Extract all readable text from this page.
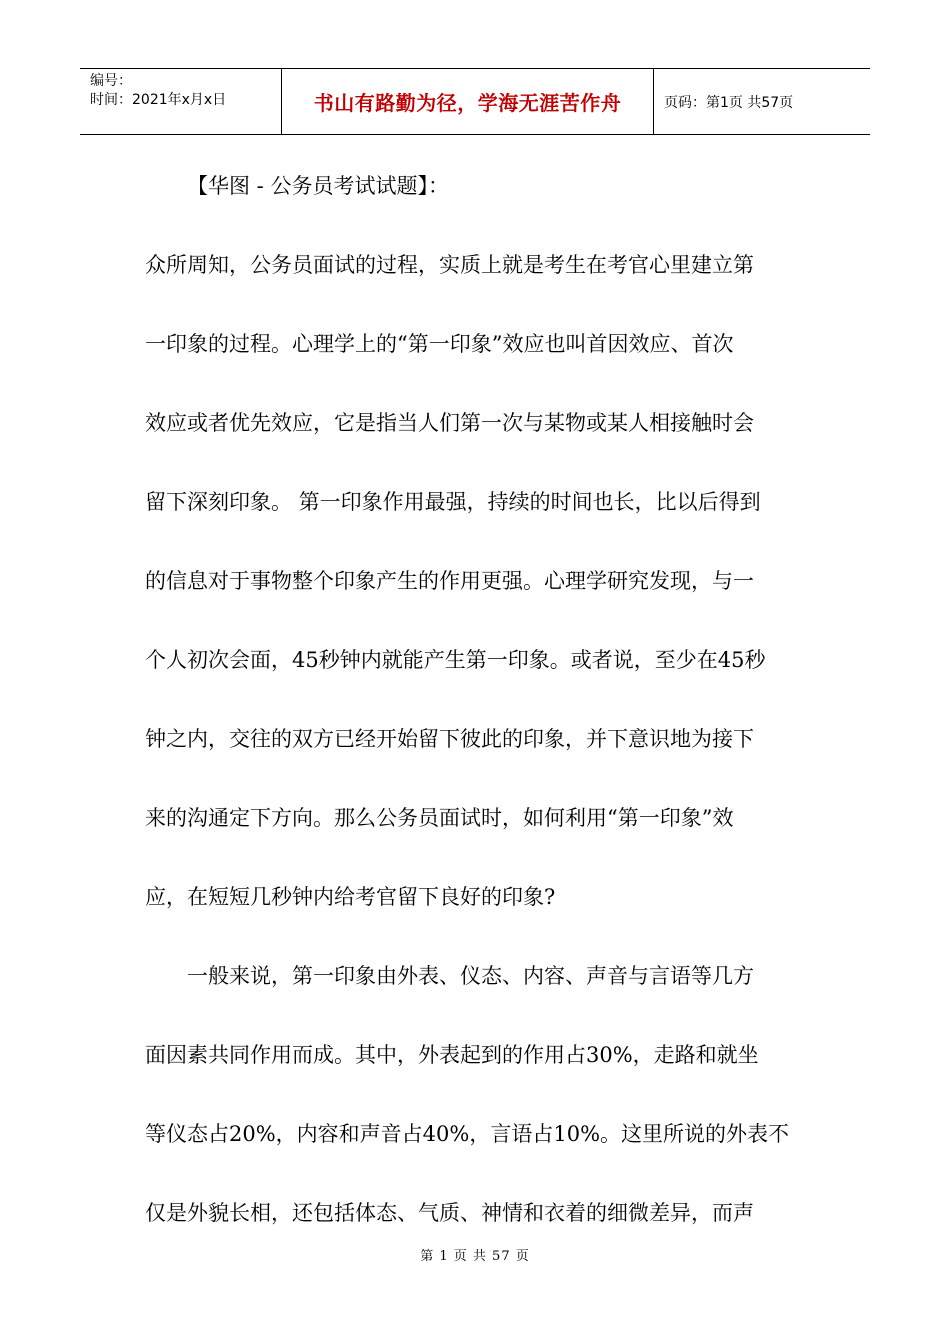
编号：
时间：2021年x月x日	书山有路勤为径，学海无涯苦作舟	页码：第1页 共57页

【华图 - 公务员考试试题】：

众所周知，公务员面试的过程，实质上就是考生在考官心里建立第

一印象的过程。心理学上的“第一印象”效应也叫首因效应、首次

效应或者优先效应，它是指当人们第一次与某物或某人相接触时会

留下深刻印象。 第一印象作用最强，持续的时间也长，比以后得到

的信息对于事物整个印象产生的作用更强。心理学研究发现，与一

个人初次会面，45秒钟内就能产生第一印象。或者说，至少在45秒

钟之内，交往的双方已经开始留下彼此的印象，并下意识地为接下

来的沟通定下方向。那么公务员面试时，如何利用“第一印象”效

应，在短短几秒钟内给考官留下良好的印象?

一般来说，第一印象由外表、仪态、内容、声音与言语等几方

面因素共同作用而成。其中，外表起到的作用占30%，走路和就坐

等仪态占20%，内容和声音占40%，言语占10%。这里所说的外表不

仅是外貌长相，还包括体态、气质、神情和衣着的细微差异，而声

第 1 页 共 57 页
